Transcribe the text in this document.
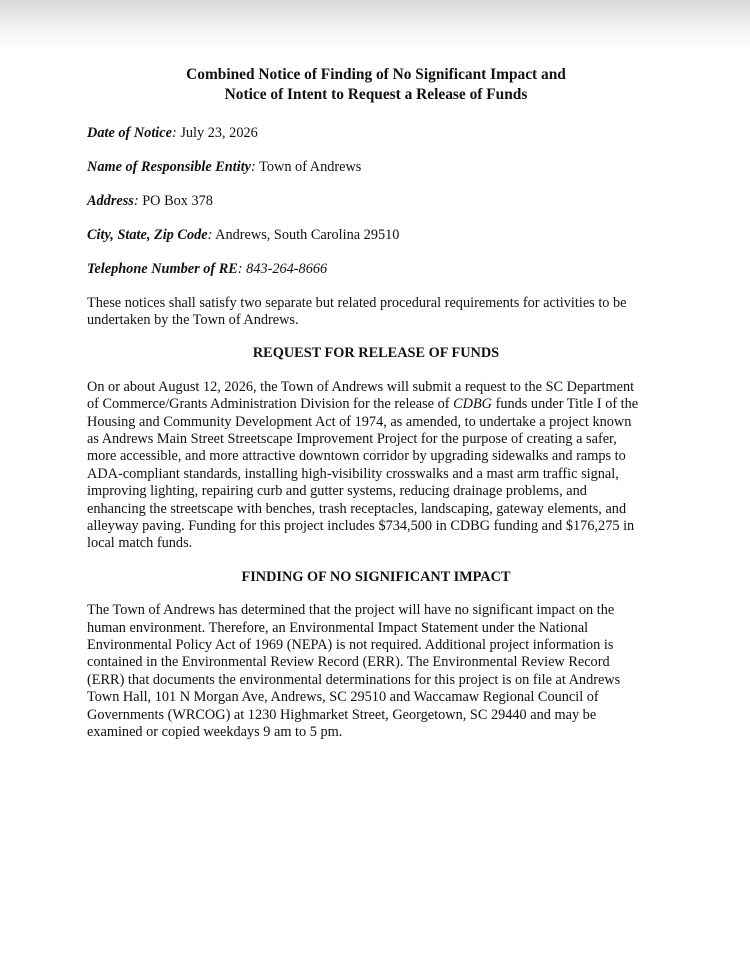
Combined Notice of Finding of No Significant Impact and
Notice of Intent to Request a Release of Funds
Date of Notice: July 23, 2026
Name of Responsible Entity: Town of Andrews
Address: PO Box 378
City, State, Zip Code: Andrews, South Carolina 29510
Telephone Number of RE: 843-264-8666

These notices shall satisfy two separate but related procedural requirements for activities to be
undertaken by the Town of Andrews.

REQUEST FOR RELEASE OF FUNDS

On or about August 12, 2026, the Town of Andrews will submit a request to the SC Department
of Commerce/Grants Administration Division for the release of CDBG funds under Title I of the
Housing and Community Development Act of 1974, as amended, to undertake a project known
as Andrews Main Street Streetscape Improvement Project for the purpose of creating a safer,
more accessible, and more attractive downtown corridor by upgrading sidewalks and ramps to
ADA-compliant standards, installing high-visibility crosswalks and a mast arm traffic signal,
improving lighting, repairing curb and gutter systems, reducing drainage problems, and
enhancing the streetscape with benches, trash receptacles, landscaping, gateway elements, and
alleyway paving. Funding for this project includes $734,500 in CDBG funding and $176,275 in
local match funds.

FINDING OF NO SIGNIFICANT IMPACT

The Town of Andrews has determined that the project will have no significant impact on the
human environment. Therefore, an Environmental Impact Statement under the National
Environmental Policy Act of 1969 (NEPA) is not required. Additional project information is
contained in the Environmental Review Record (ERR). The Environmental Review Record
(ERR) that documents the environmental determinations for this project is on file at Andrews
Town Hall, 101 N Morgan Ave, Andrews, SC 29510 and Waccamaw Regional Council of
Governments (WRCOG) at 1230 Highmarket Street, Georgetown, SC 29440 and may be
examined or copied weekdays 9 am to 5 pm.
